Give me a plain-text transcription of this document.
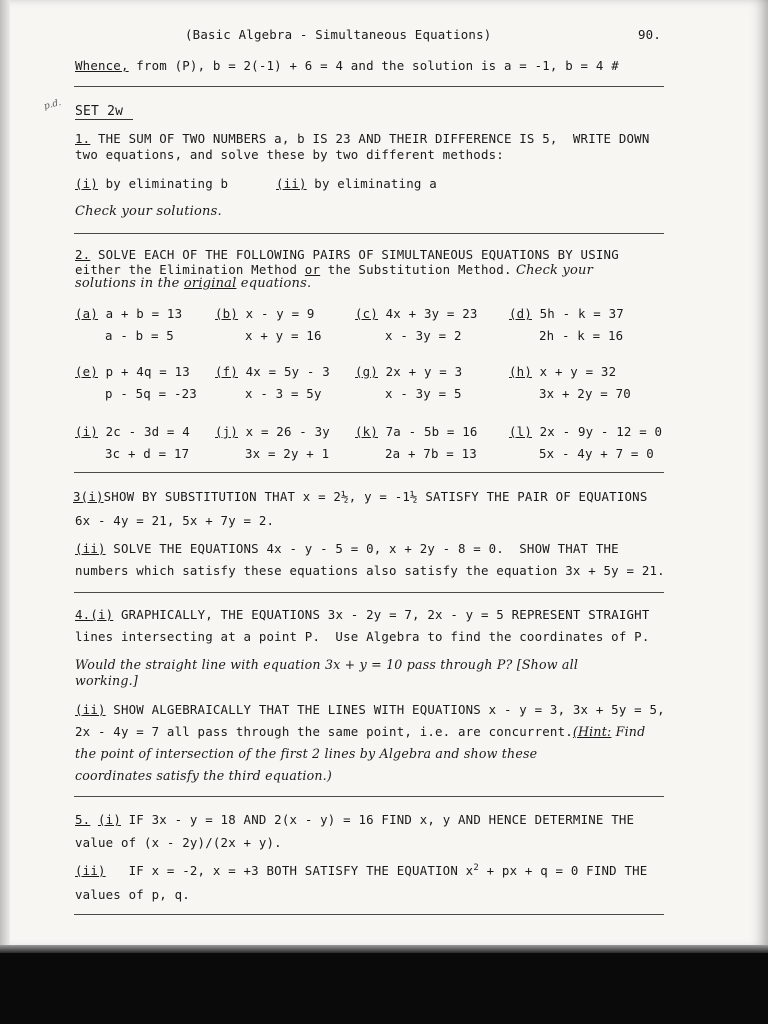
(Basic Algebra - Simultaneous Equations)	90.
Whence, from (P), b = 2(-1) + 6 = 4 and the solution is a = -1, b = 4 #
p.d. SET 2w
1. THE SUM OF TWO NUMBERS a, b IS 23 AND THEIR DIFFERENCE IS 5,  WRITE DOWN
two equations, and solve these by two different methods:
(i) by eliminating b	(ii) by eliminating a
Check your solutions.
2. SOLVE EACH OF THE FOLLOWING PAIRS OF SIMULTANEOUS EQUATIONS BY USING
either the Elimination Method or the Substitution Method. Check your
solutions in the original equations.
(a) a + b = 13
a - b = 5
(b) x - y = 9
x + y = 16
(c) 4x + 3y = 23
x - 3y = 2
(d) 5h - k = 37
2h - k = 16
(e) p + 4q = 13
p - 5q = -23
(f) 4x = 5y - 3
x - 3 = 5y
(g) 2x + y = 3
x - 3y = 5
(h) x + y = 32
3x + 2y = 70
(i) 2c - 3d = 4
3c + d = 17
(j) x = 26 - 3y
3x = 2y + 1
(k) 7a - 5b = 16
2a + 7b = 13
(l) 2x - 9y - 12 = 0
5x - 4y + 7 = 0
3(i)SHOW BY SUBSTITUTION THAT x = 2½, y = -1½ SATISFY THE PAIR OF EQUATIONS
6x - 4y = 21, 5x + 7y = 2.
(ii) SOLVE THE EQUATIONS 4x - y - 5 = 0, x + 2y - 8 = 0.  SHOW THAT THE
numbers which satisfy these equations also satisfy the equation 3x + 5y = 21.
4.(i) GRAPHICALLY, THE EQUATIONS 3x - 2y = 7, 2x - y = 5 REPRESENT STRAIGHT
lines intersecting at a point P.  Use Algebra to find the coordinates of P.
Would the straight line with equation 3x + y = 10 pass through P? [Show all
working.]
(ii) SHOW ALGEBRAICALLY THAT THE LINES WITH EQUATIONS x - y = 3, 3x + 5y = 5,
2x - 4y = 7 all pass through the same point, i.e. are concurrent.(Hint: Find
the point of intersection of the first 2 lines by Algebra and show these
coordinates satisfy the third equation.)
5. (i) IF 3x - y = 18 AND 2(x - y) = 16 FIND x, y AND HENCE DETERMINE THE
value of (x - 2y)/(2x + y).
(ii)   IF x = -2, x = +3 BOTH SATISFY THE EQUATION $x^2$ + px + q = 0 FIND THE
values of p, q.
